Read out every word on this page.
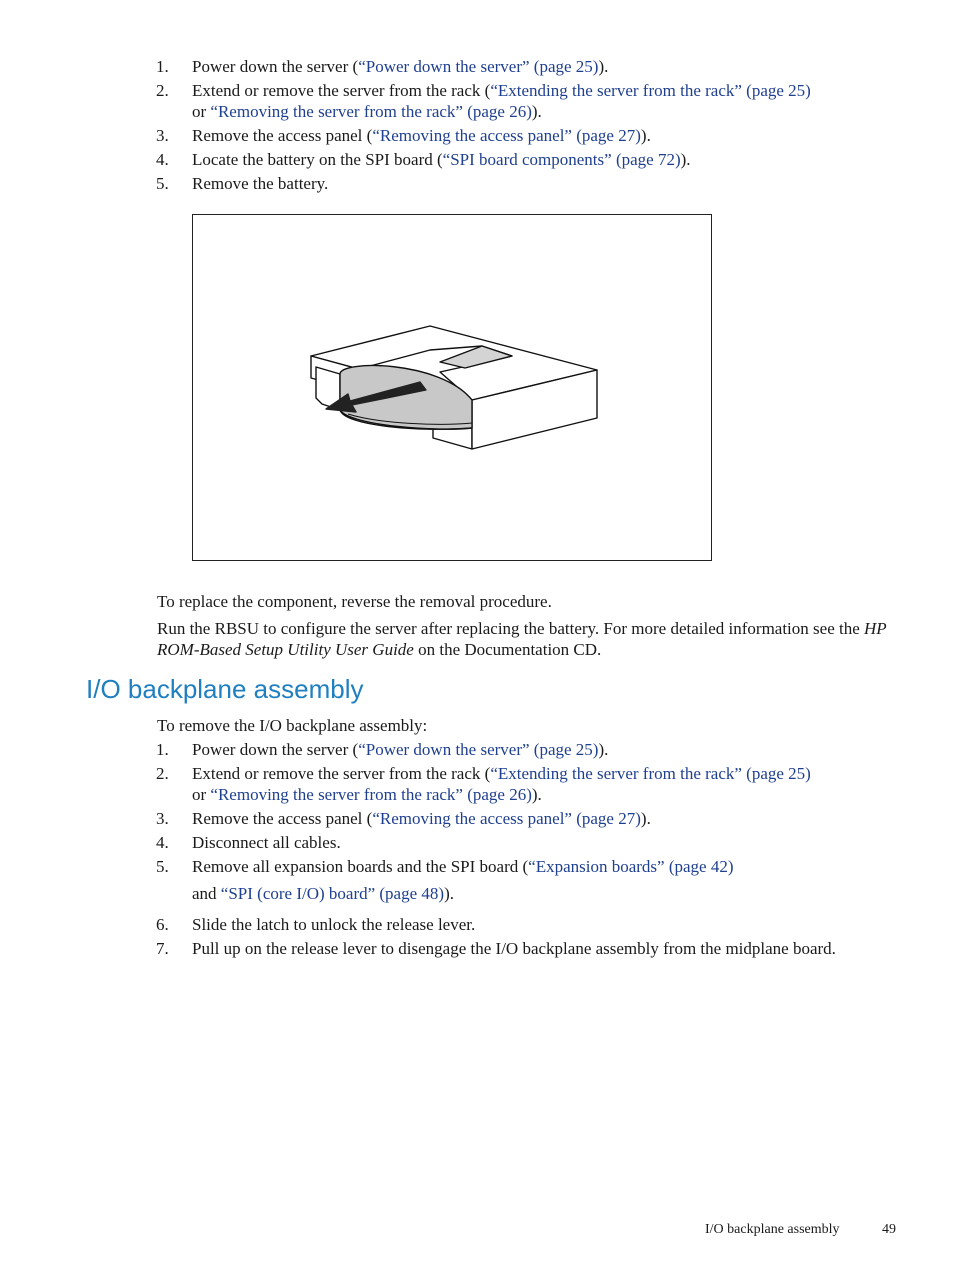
1. Power down the server (“Power down the server” (page 25)).
2. Extend or remove the server from the rack (“Extending the server from the rack” (page 25)
or “Removing the server from the rack” (page 26)).
3. Remove the access panel (“Removing the access panel” (page 27)).
4. Locate the battery on the SPI board (“SPI board components” (page 72)).
5. Remove the battery.
To replace the component, reverse the removal procedure.
Run the RBSU to configure the server after replacing the battery. For more detailed information see the HP ROM-Based Setup Utility User Guide on the Documentation CD.
I/O backplane assembly
To remove the I/O backplane assembly:
1. Power down the server (“Power down the server” (page 25)).
2. Extend or remove the server from the rack (“Extending the server from the rack” (page 25)
or “Removing the server from the rack” (page 26)).
3. Remove the access panel (“Removing the access panel” (page 27)).
4. Disconnect all cables.
5. Remove all expansion boards and the SPI board (“Expansion boards” (page 42)
and “SPI (core I/O) board” (page 48)).
6. Slide the latch to unlock the release lever.
7. Pull up on the release lever to disengage the I/O backplane assembly from the midplane board.
I/O backplane assembly	49
